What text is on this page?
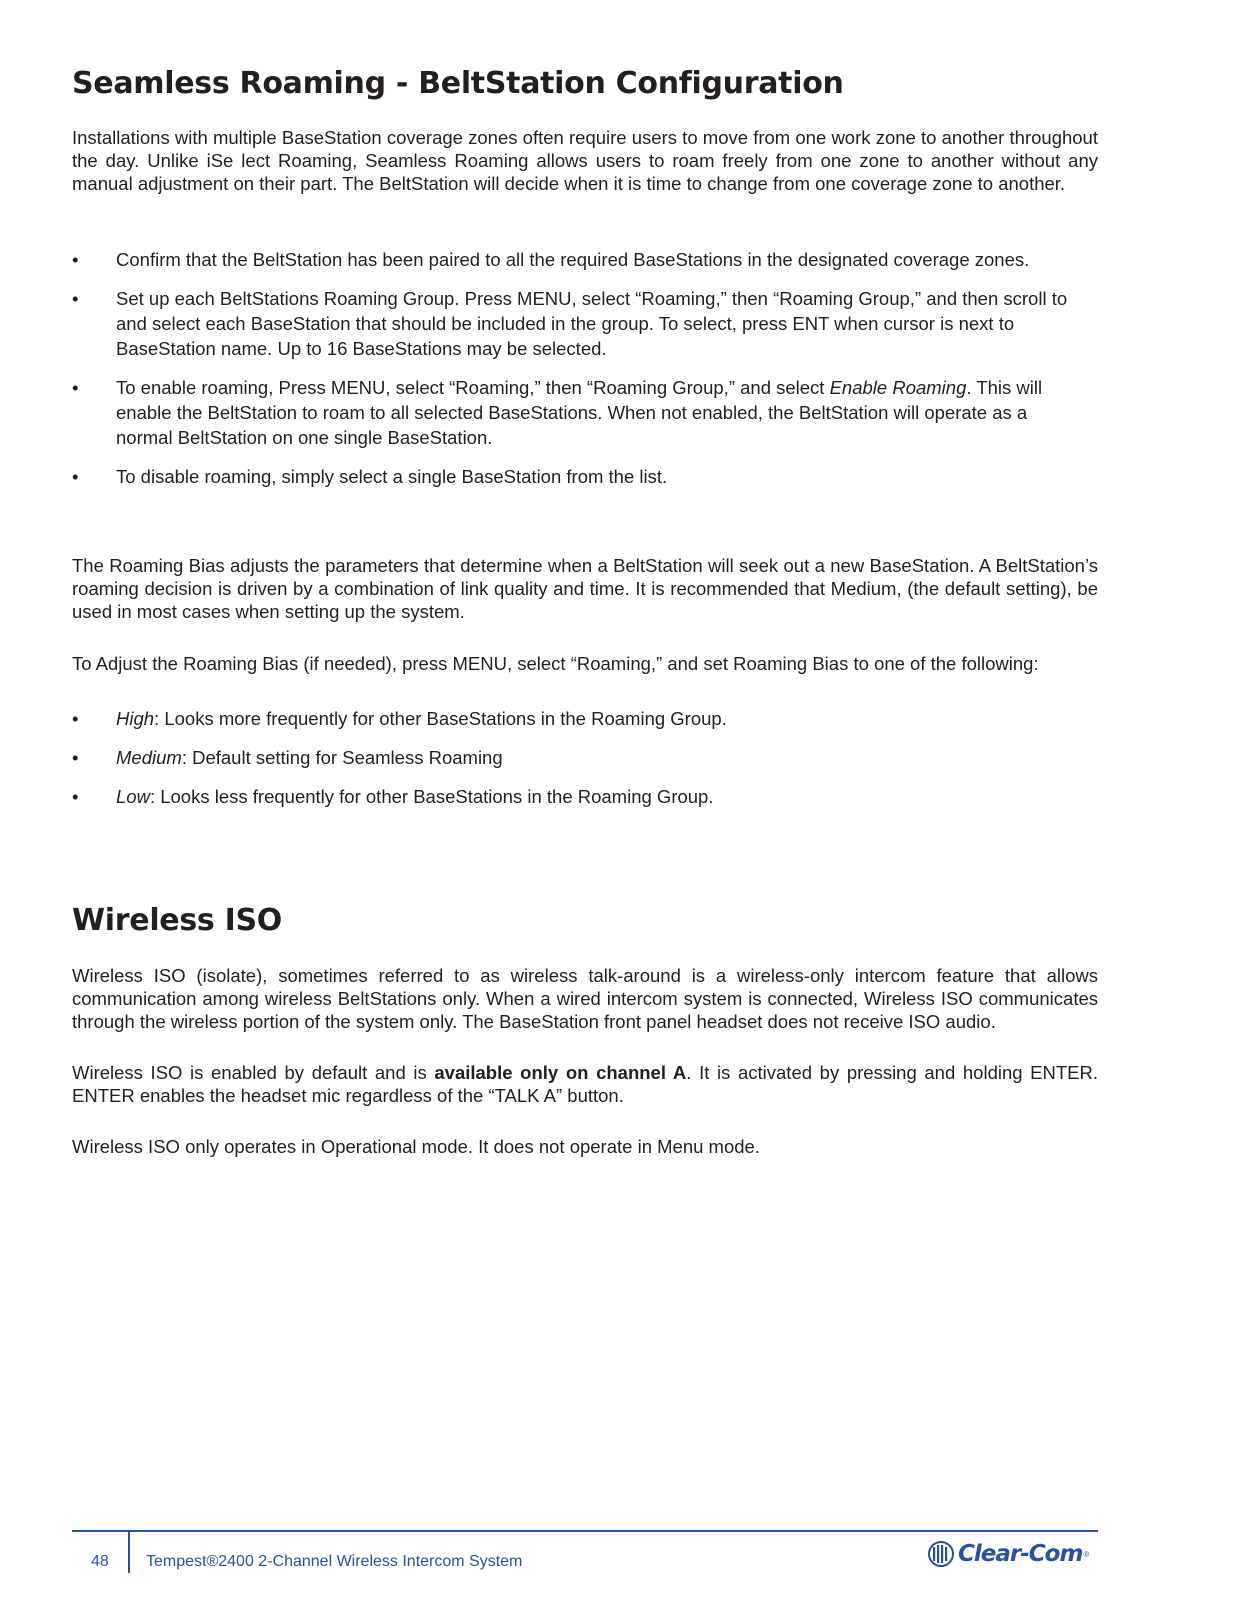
Seamless Roaming - BeltStation Configuration

Installations with multiple BaseStation coverage zones often require users to move from one work zone to another throughout the day. Unlike iSe lect Roaming, Seamless Roaming allows users to roam freely from one zone to another without any manual adjustment on their part. The BeltStation will decide when it is time to change from one coverage zone to another.

• Confirm that the BeltStation has been paired to all the required BaseStations in the designated coverage zones.
• Set up each BeltStations Roaming Group. Press MENU, select “Roaming,” then “Roaming Group,” and then scroll to and select each BaseStation that should be included in the group. To select, press ENT when cursor is next to BaseStation name. Up to 16 BaseStations may be selected.
• To enable roaming, Press MENU, select “Roaming,” then “Roaming Group,” and select Enable Roaming. This will enable the BeltStation to roam to all selected BaseStations. When not enabled, the BeltStation will operate as a normal BeltStation on one single BaseStation.
• To disable roaming, simply select a single BaseStation from the list.

The Roaming Bias adjusts the parameters that determine when a BeltStation will seek out a new BaseStation. A BeltStation’s roaming decision is driven by a combination of link quality and time. It is recommended that Medium, (the default setting), be used in most cases when setting up the system.

To Adjust the Roaming Bias (if needed), press MENU, select “Roaming,” and set Roaming Bias to one of the following:

• High: Looks more frequently for other BaseStations in the Roaming Group.
• Medium: Default setting for Seamless Roaming
• Low: Looks less frequently for other BaseStations in the Roaming Group.
Wireless ISO

Wireless ISO (isolate), sometimes referred to as wireless talk-around is a wireless-only intercom feature that allows communication among wireless BeltStations only. When a wired intercom system is connected, Wireless ISO communicates through the wireless portion of the system only. The BaseStation front panel headset does not receive ISO audio.

Wireless ISO is enabled by default and is available only on channel A. It is activated by pressing and holding ENTER. ENTER enables the headset mic regardless of the “TALK A” button.

Wireless ISO only operates in Operational mode. It does not operate in Menu mode.

48 Tempest®2400 2-Channel Wireless Intercom System	Clear-Com ®
